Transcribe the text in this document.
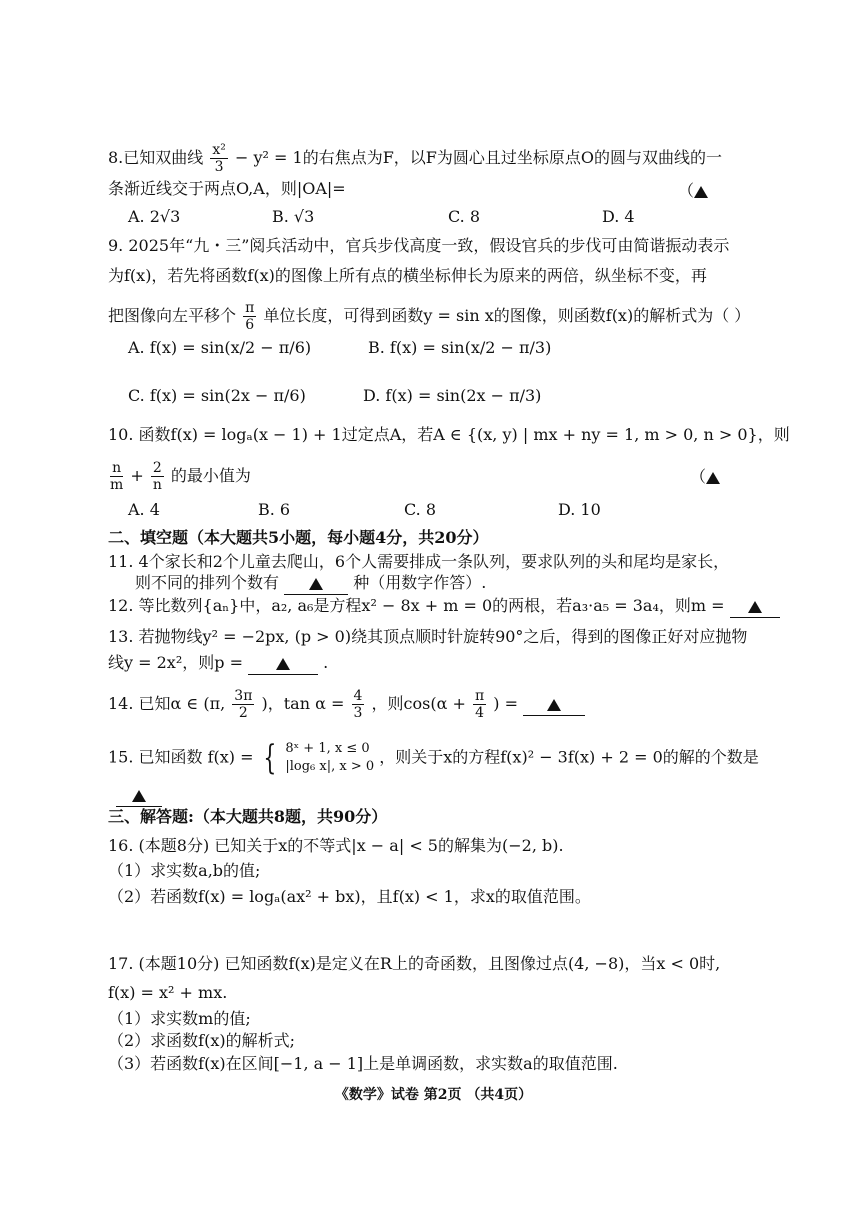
8.已知双曲线 $\frac{\text{x²}}{3} - y^2 = 1$的右焦点为F，以F为圆心且过坐标原点O的圆与双曲线的一
条渐近线交于两点O,A，则|OA|=	（
A. 2√3	B. √3	C. 8	D. 4
9. 2025年“九・三”阅兵活动中，官兵步伐高度一致，假设官兵的步伐可由简谐振动表示
为f(x)，若先将函数f(x)的图像上所有点的横坐标伸长为原来的两倍，纵坐标不变，再
把图像向左平移个 $\frac{\pi}{6}$ 单位长度，可得到函数y = sin x的图像，则函数f(x)的解析式为（ ）
A. f(x) = sin(x/2 − π/6)	B. f(x) = sin(x/2 − π/3)
C. f(x) = sin(2x − π/6)	D. f(x) = sin(2x − π/3)
10. 函数f(x) = logₐ(x − 1) + 1过定点A，若A ∈ {(x, y) | mx + ny = 1, m > 0, n > 0}，则
$\frac{n}{m} + \frac{2}{n}$ 的最小值为	（
A. 4	B. 6	C. 8	D. 10
二、填空题（本大题共5小题，每小题4分，共20分）
11. 4个家长和2个儿童去爬山，6个人需要排成一条队列，要求队列的头和尾均是家长，
则不同的排列个数有	种（用数字作答）.
12. 等比数列{aₙ}中，a₂, a₆是方程x² − 8x + m = 0的两根，若a₃·a₅ = 3a₄，则m =
13. 若抛物线y² = −2px, (p > 0)绕其顶点顺时针旋转90°之后，得到的图像正好对应抛物
线y = 2x²，则p =	.
14. 已知α ∈ (π, $\frac{3\pi}{2}$ )，$\tan \alpha = \frac{4}{3}$ ，则$\cos(\alpha + \frac{\pi}{4}$ ) =
15. 已知函数 f(x) = { 8ˣ + 1, x ≤ 0
|log₆ x|, x > 0 ，则关于x的方程f(x)² − 3f(x) + 2 = 0的解的个数是
三、解答题:（本大题共8题，共90分）
16. (本题8分) 已知关于x的不等式|x − a| < 5的解集为(−2, b).
（1）求实数a,b的值;
（2）若函数f(x) = logₐ(ax² + bx)，且f(x) < 1，求x的取值范围。
17. (本题10分) 已知函数f(x)是定义在R上的奇函数，且图像过点(4, −8)，当x < 0时,
f(x) = x² + mx.
（1）求实数m的值;
（2）求函数f(x)的解析式;
（3）若函数f(x)在区间[−1, a − 1]上是单调函数，求实数a的取值范围.
《数学》试卷 第2页 （共4页）
